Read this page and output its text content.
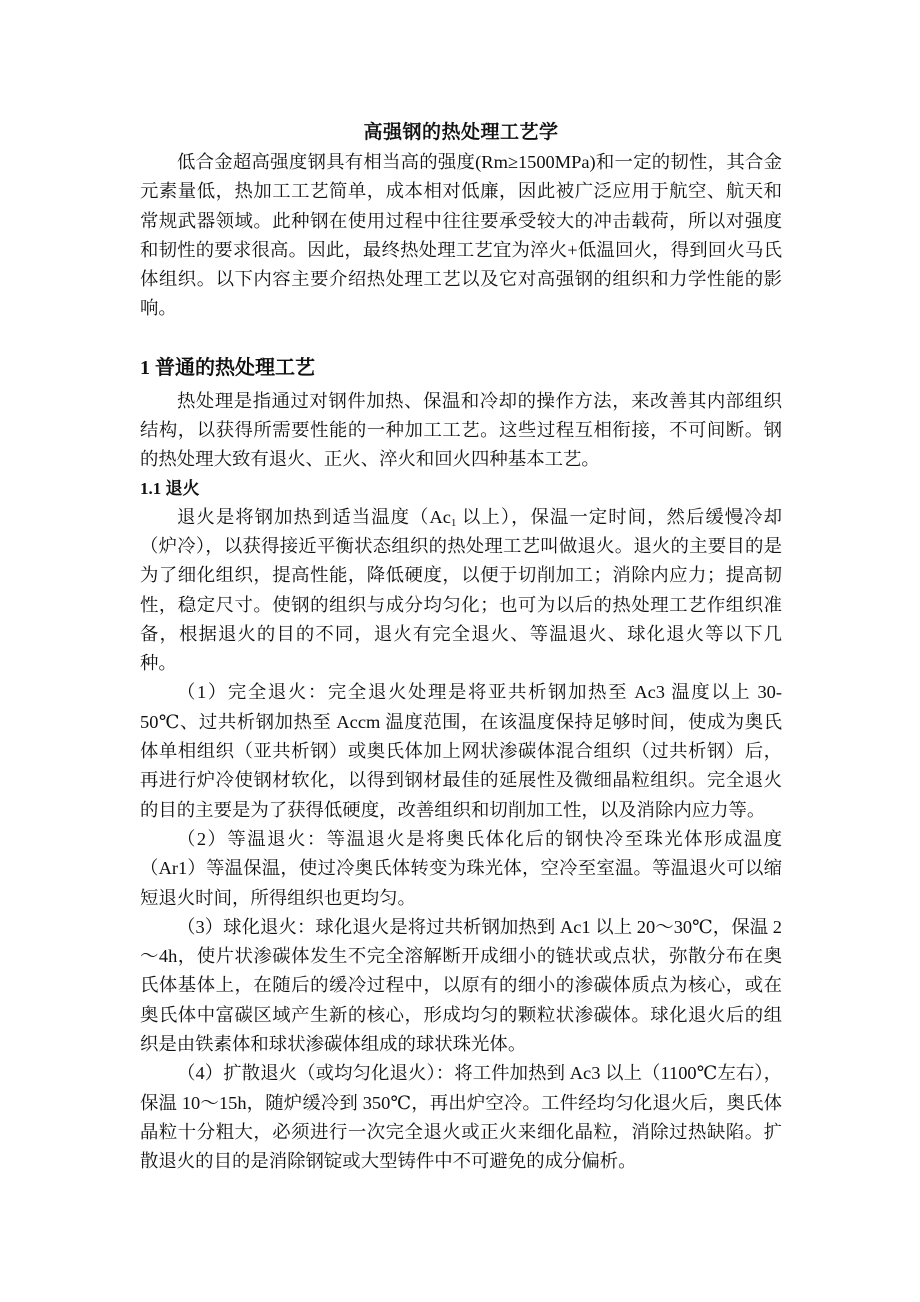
高强钢的热处理工艺学

低合金超高强度钢具有相当高的强度(Rm≥1500MPa)和一定的韧性，其合金元素量低，热加工工艺简单，成本相对低廉，因此被广泛应用于航空、航天和常规武器领域。此种钢在使用过程中往往要承受较大的冲击载荷，所以对强度和韧性的要求很高。因此，最终热处理工艺宜为淬火+低温回火，得到回火马氏体组织。以下内容主要介绍热处理工艺以及它对高强钢的组织和力学性能的影响。

1 普通的热处理工艺

热处理是指通过对钢件加热、保温和冷却的操作方法，来改善其内部组织结构，以获得所需要性能的一种加工工艺。这些过程互相衔接，不可间断。钢的热处理大致有退火、正火、淬火和回火四种基本工艺。

1.1 退火

退火是将钢加热到适当温度（$Ac_1$ 以上），保温一定时间，然后缓慢冷却（炉冷），以获得接近平衡状态组织的热处理工艺叫做退火。退火的主要目的是为了细化组织，提高性能，降低硬度，以便于切削加工；消除内应力；提高韧性，稳定尺寸。使钢的组织与成分均匀化；也可为以后的热处理工艺作组织准备，根据退火的目的不同，退火有完全退火、等温退火、球化退火等以下几种。

（1）完全退火：完全退火处理是将亚共析钢加热至 Ac3 温度以上 30-50℃、过共析钢加热至 Accm 温度范围，在该温度保持足够时间，使成为奥氏体单相组织（亚共析钢）或奥氏体加上网状渗碳体混合组织（过共析钢）后，再进行炉冷使钢材软化，以得到钢材最佳的延展性及微细晶粒组织。完全退火的目的主要是为了获得低硬度，改善组织和切削加工性，以及消除内应力等。

（2）等温退火：等温退火是将奥氏体化后的钢快冷至珠光体形成温度（Ar1）等温保温，使过冷奥氏体转变为珠光体，空冷至室温。等温退火可以缩短退火时间，所得组织也更均匀。

（3）球化退火：球化退火是将过共析钢加热到 Ac1 以上 20～30℃，保温 2～4h，使片状渗碳体发生不完全溶解断开成细小的链状或点状，弥散分布在奥氏体基体上，在随后的缓冷过程中，以原有的细小的渗碳体质点为核心，或在奥氏体中富碳区域产生新的核心，形成均匀的颗粒状渗碳体。球化退火后的组织是由铁素体和球状渗碳体组成的球状珠光体。

（4）扩散退火（或均匀化退火）：将工件加热到 Ac3 以上（1100℃左右），保温 10～15h，随炉缓冷到 350℃，再出炉空冷。工件经均匀化退火后，奥氏体晶粒十分粗大，必须进行一次完全退火或正火来细化晶粒，消除过热缺陷。扩散退火的目的是消除钢锭或大型铸件中不可避免的成分偏析。
